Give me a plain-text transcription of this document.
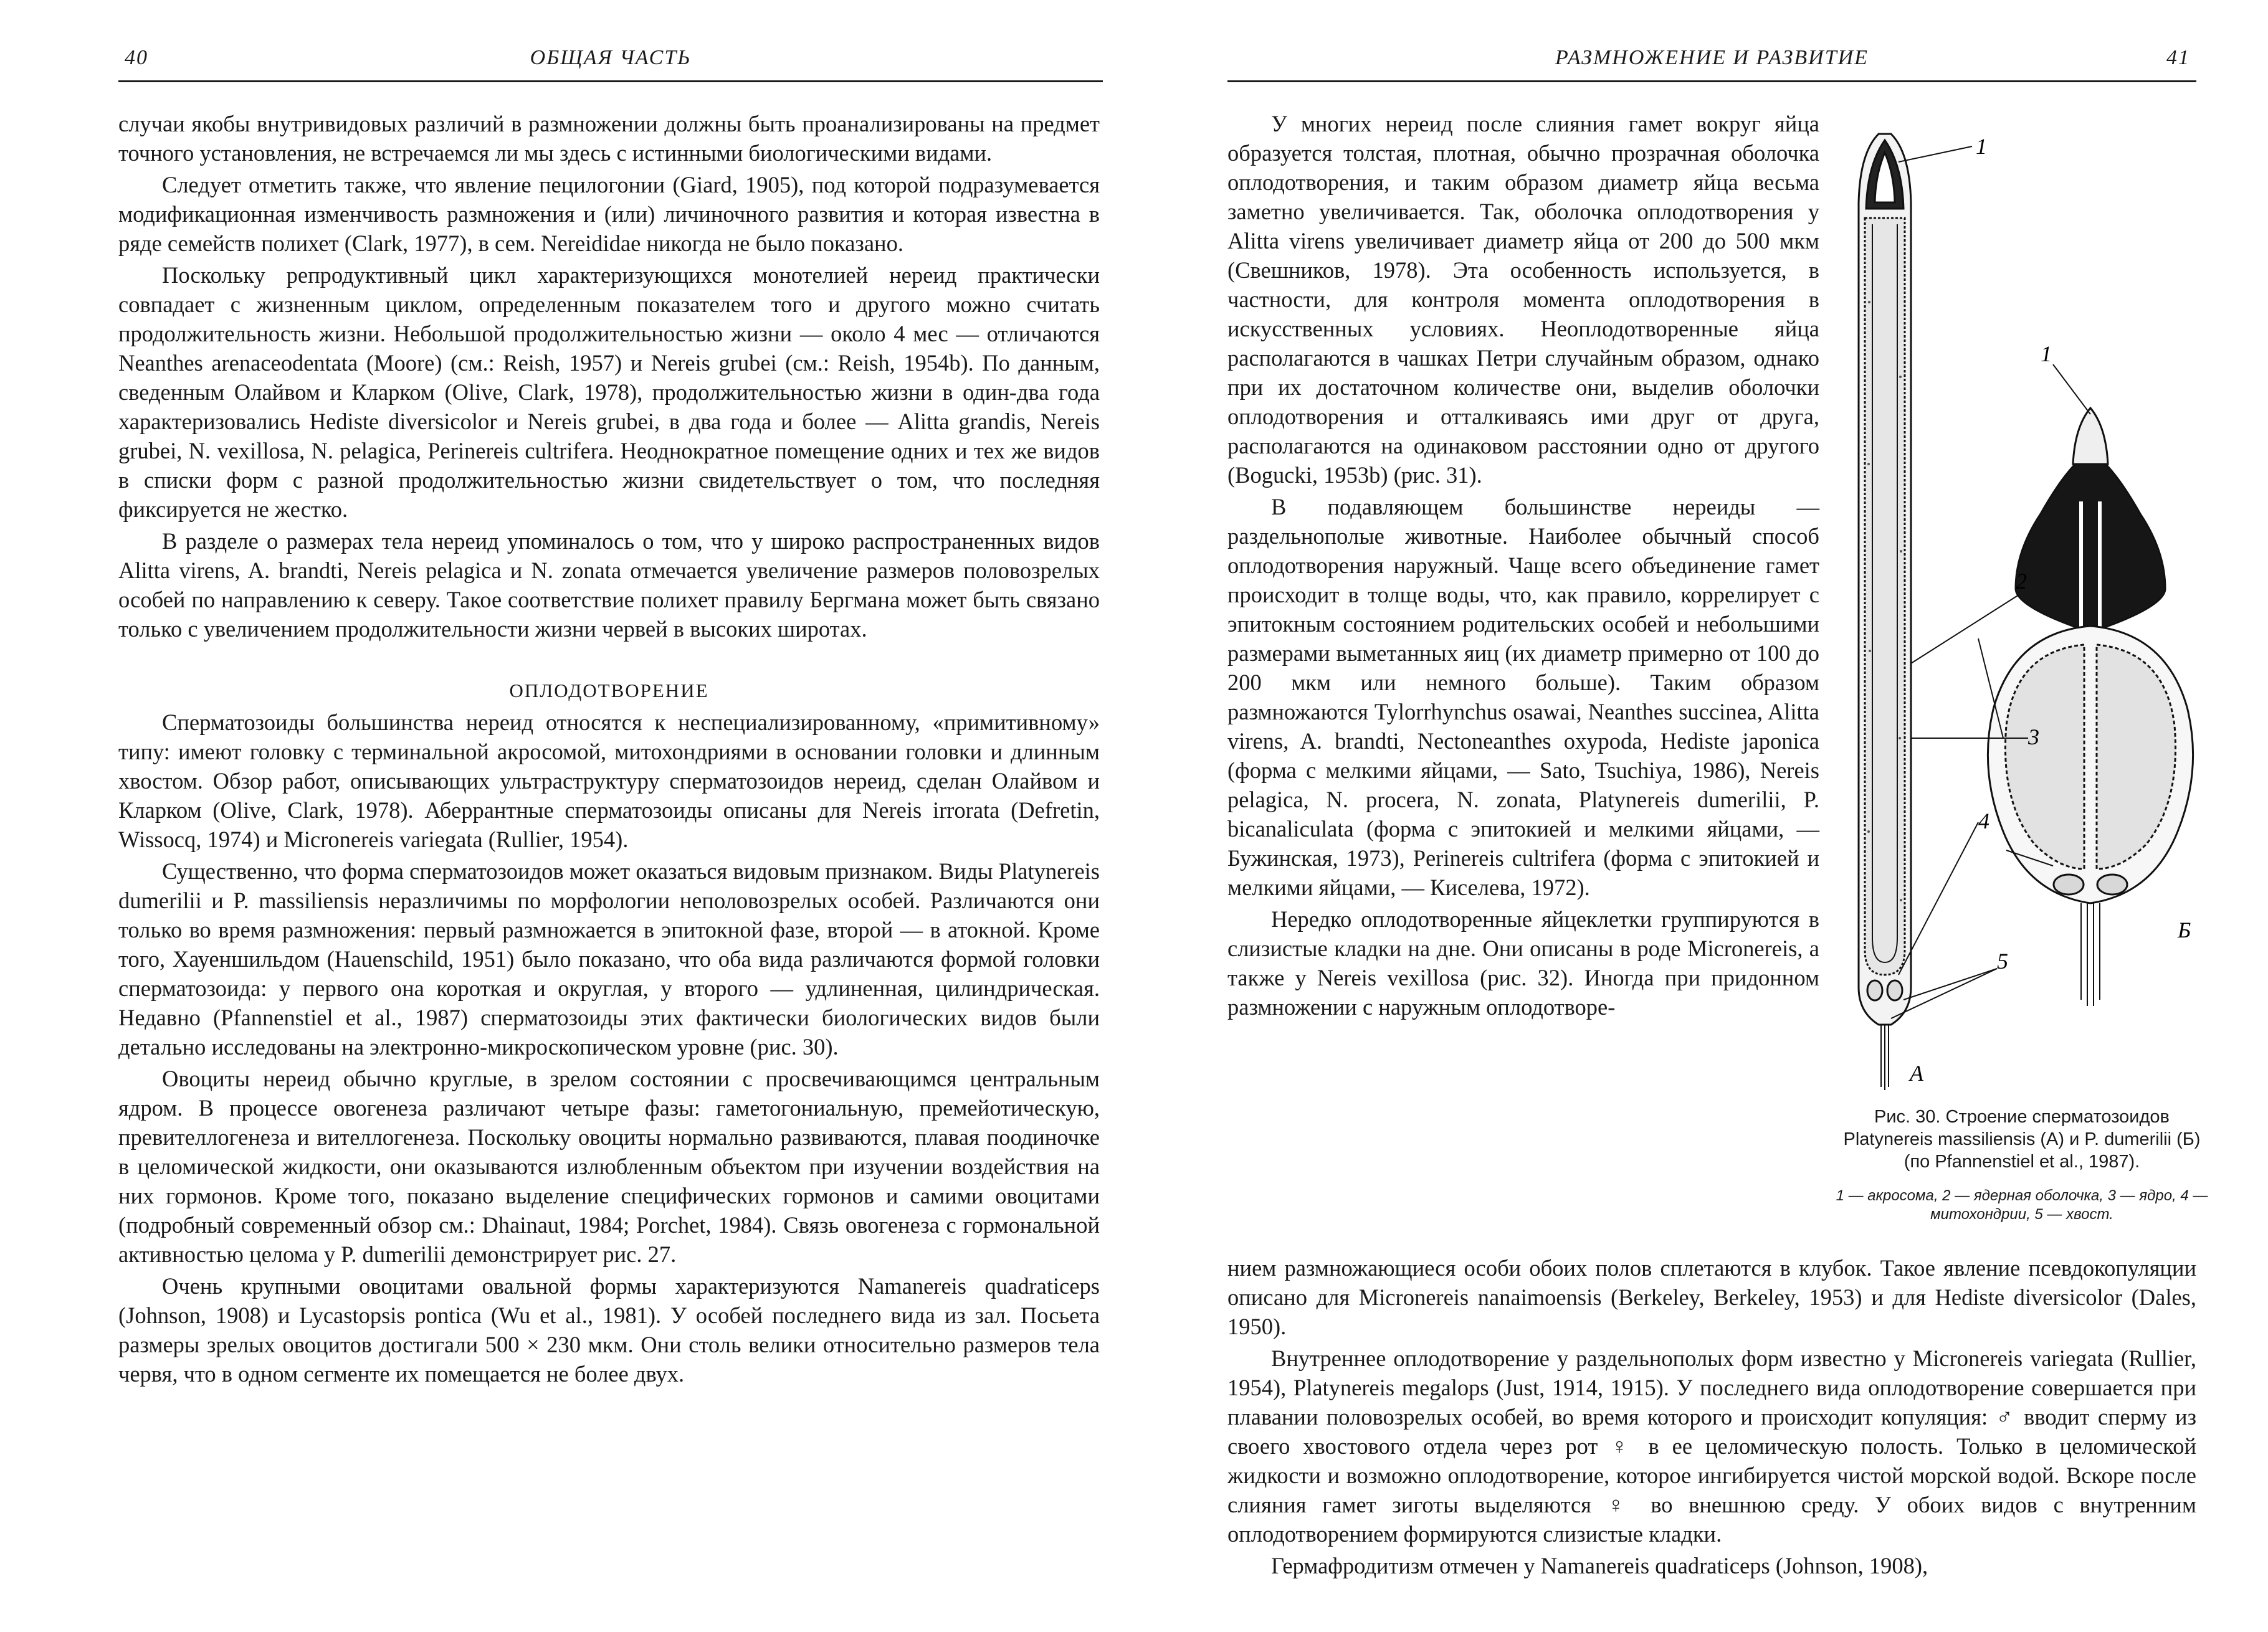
40	ОБЩАЯ ЧАСТЬ

случаи якобы внутривидовых различий в размножении должны быть проанализированы на предмет точного установления, не встречаемся ли мы здесь с истинными биологическими видами.

Следует отметить также, что явление пецилогонии (Giard, 1905), под которой подразумевается модификационная изменчивость размножения и (или) личиночного развития и которая известна в ряде семейств полихет (Clark, 1977), в сем. Nereididae никогда не было показано.

Поскольку репродуктивный цикл характеризующихся монотелией нереид практически совпадает с жизненным циклом, определенным показателем того и другого можно считать продолжительность жизни. Небольшой продолжительностью жизни — около 4 мес — отличаются Neanthes arenaceodentata (Moore) (см.: Reish, 1957) и Nereis grubei (см.: Reish, 1954b). По данным, сведенным Олайвом и Кларком (Olive, Clark, 1978), продолжительностью жизни в один-два года характеризовались Hediste diversicolor и Nereis grubei, в два года и более — Alitta grandis, Nereis grubei, N. vexillosa, N. pelagica, Perinereis cultrifera. Неоднократное помещение одних и тех же видов в списки форм с разной продолжительностью жизни свидетельствует о том, что последняя фиксируется не жестко.

В разделе о размерах тела нереид упоминалось о том, что у широко распространенных видов Alitta virens, A. brandti, Nereis pelagica и N. zonata отмечается увеличение размеров половозрелых особей по направлению к северу. Такое соответствие полихет правилу Бергмана может быть связано только с увеличением продолжительности жизни червей в высоких широтах.

ОПЛОДОТВОРЕНИЕ

Сперматозоиды большинства нереид относятся к неспециализированному, «примитивному» типу: имеют головку с терминальной акросомой, митохондриями в основании головки и длинным хвостом. Обзор работ, описывающих ультраструктуру сперматозоидов нереид, сделан Олайвом и Кларком (Olive, Clark, 1978). Аберрантные сперматозоиды описаны для Nereis irrorata (Defretin, Wissocq, 1974) и Micronereis variegata (Rullier, 1954).

Существенно, что форма сперматозоидов может оказаться видовым признаком. Виды Platynereis dumerilii и P. massiliensis неразличимы по морфологии неполовозрелых особей. Различаются они только во время размножения: первый размножается в эпитокной фазе, второй — в атокной. Кроме того, Хауеншильдом (Hauenschild, 1951) было показано, что оба вида различаются формой головки сперматозоида: у первого она короткая и округлая, у второго — удлиненная, цилиндрическая. Недавно (Pfannenstiel et al., 1987) сперматозоиды этих фактически биологических видов были детально исследованы на электронно-микроскопическом уровне (рис. 30).

Овоциты нереид обычно круглые, в зрелом состоянии с просвечивающимся центральным ядром. В процессе овогенеза различают четыре фазы: гаметогониальную, премейотическую, превителлогенеза и вителлогенеза. Поскольку овоциты нормально развиваются, плавая поодиночке в целомической жидкости, они оказываются излюбленным объектом при изучении воздействия на них гормонов. Кроме того, показано выделение специфических гормонов и самими овоцитами (подробный современный обзор см.: Dhainaut, 1984; Porchet, 1984). Связь овогенеза с гормональной активностью целома у P. dumerilii демонстрирует рис. 27.

Очень крупными овоцитами овальной формы характеризуются Namanereis quadraticeps (Johnson, 1908) и Lycastopsis pontica (Wu et al., 1981). У особей последнего вида из зал. Посьета размеры зрелых овоцитов достигали 500 × 230 мкм. Они столь велики относительно размеров тела червя, что в одном сегменте их помещается не более двух.

РАЗМНОЖЕНИЕ И РАЗВИТИЕ	41

У многих нереид после слияния гамет вокруг яйца образуется толстая, плотная, обычно прозрачная оболочка оплодотворения, и таким образом диаметр яйца весьма заметно увеличивается. Так, оболочка оплодотворения у Alitta virens увеличивает диаметр яйца от 200 до 500 мкм (Свешников, 1978). Эта особенность используется, в частности, для контроля момента оплодотворения в искусственных условиях. Неоплодотворенные яйца располагаются в чашках Петри случайным образом, однако при их достаточном количестве они, выделив оболочки оплодотворения и отталкиваясь ими друг от друга, располагаются на одинаковом расстоянии одно от другого (Bogucki, 1953b) (рис. 31).

В подавляющем большинстве нереиды — раздельнополые животные. Наиболее обычный способ оплодотворения наружный. Чаще всего объединение гамет происходит в толще воды, что, как правило, коррелирует с эпитокным состоянием родительских особей и небольшими размерами выметанных яиц (их диаметр примерно от 100 до 200 мкм или немного больше). Таким образом размножаются Tylorrhynchus osawai, Neanthes succinea, Alitta virens, A. brandti, Nectoneanthes oxypoda, Hediste japonica (форма с мелкими яйцами, — Sato, Tsuchiya, 1986), Nereis pelagica, N. procera, N. zonata, Platynereis dumerilii, P. bicanaliculata (форма с эпитокией и мелкими яйцами, — Бужинская, 1973), Perinereis cultrifera (форма с эпитокией и мелкими яйцами, — Киселева, 1972).

Нередко оплодотворенные яйцеклетки группируются в слизистые кладки на дне. Они описаны в роде Micronereis, а также у Nereis vexillosa (рис. 32). Иногда при придонном размножении с наружным оплодотворе-

нием размножающиеся особи обоих полов сплетаются в клубок. Такое явление псевдокопуляции описано для Micronereis nanaimoensis (Berkeley, Berkeley, 1953) и для Hediste diversicolor (Dales, 1950).

Внутреннее оплодотворение у раздельнополых форм известно у Micronereis variegata (Rullier, 1954), Platynereis megalops (Just, 1914, 1915). У последнего вида оплодотворение совершается при плавании половозрелых особей, во время которого и происходит копуляция: ♂ вводит сперму из своего хвостового отдела через рот ♀ в ее целомическую полость. Только в целомической жидкости и возможно оплодотворение, которое ингибируется чистой морской водой. Вскоре после слияния гамет зиготы выделяются ♀ во внешнюю среду. У обоих видов с внутренним оплодотворением формируются слизистые кладки.

Гермафродитизм отмечен у Namanereis quadraticeps (Johnson, 1908),

1
1
2
3
4
5
А
Б
Рис. 30. Строение сперматозоидов Platynereis massiliensis (А) и P. dumerilii (Б) (по Pfannenstiel et al., 1987).
1 — акросома, 2 — ядерная оболочка, 3 — ядро, 4 — митохондрии, 5 — хвост.
